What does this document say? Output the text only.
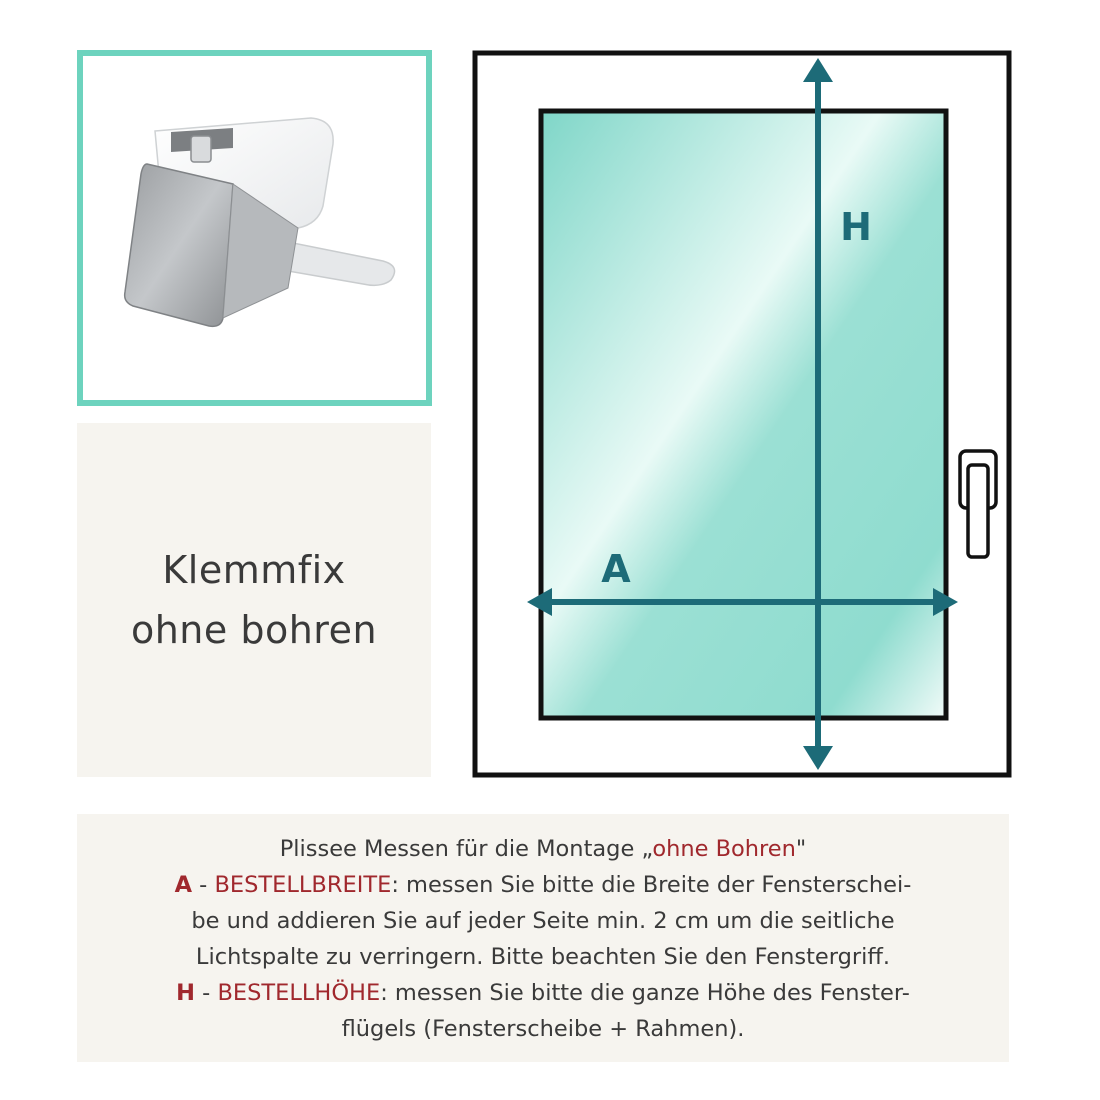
Klemmfix
ohne bohren
H
A
Plissee Messen für die Montage „ohne Bohren"
A - BESTELLBREITE: messen Sie bitte die Breite der Fensterschei-
be und addieren Sie auf jeder Seite min. 2 cm um die seitliche
Lichtspalte zu verringern. Bitte beachten Sie den Fenstergriff.
H - BESTELLHÖHE: messen Sie bitte die ganze Höhe des Fenster-
flügels (Fensterscheibe + Rahmen).
